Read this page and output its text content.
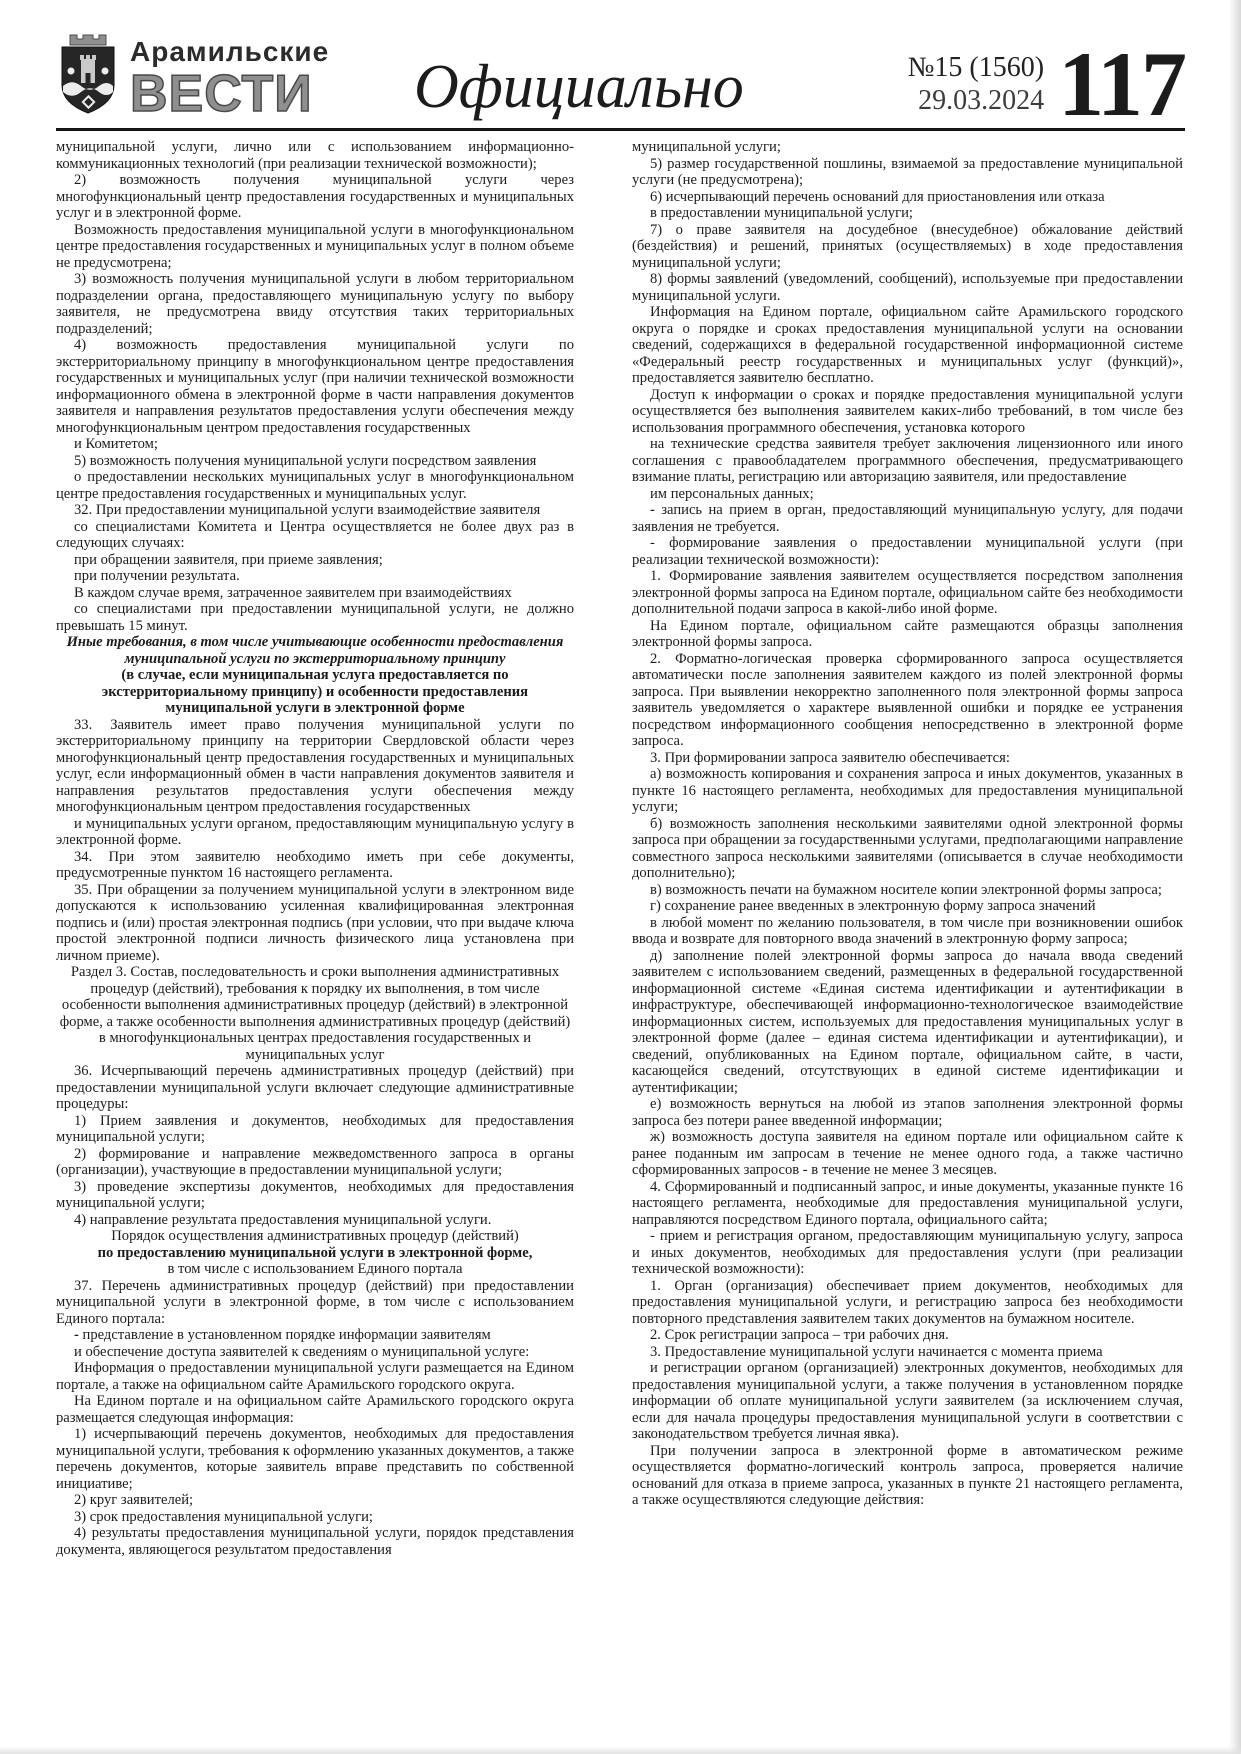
Арамильские
ВЕСТИ	Официально	№15 (1560)
29.03.2024 117

муниципальной услуги, лично или с использованием информационно-коммуникационных технологий (при реализации технической возможности);

2) возможность получения муниципальной услуги через многофункциональный центр предоставления государственных и муниципальных услуг и в электронной форме.

Возможность предоставления муниципальной услуги в многофункциональном центре предоставления государственных и муниципальных услуг в полном объеме не предусмотрена;

3) возможность получения муниципальной услуги в любом территориальном подразделении органа, предоставляющего муниципальную услугу по выбору заявителя, не предусмотрена ввиду отсутствия таких территориальных подразделений;

4) возможность предоставления муниципальной услуги по экстерриториальному принципу в многофункциональном центре предоставления государственных и муниципальных услуг (при наличии технической возможности информационного обмена в электронной форме в части направления документов заявителя и направления результатов предоставления услуги обеспечения между многофункциональным центром предоставления государственных

и Комитетом;

5) возможность получения муниципальной услуги посредством заявления

о предоставлении нескольких муниципальных услуг в многофункциональном центре предоставления государственных и муниципальных услуг.

32. При предоставлении муниципальной услуги взаимодействие заявителя

со специалистами Комитета и Центра осуществляется не более двух раз в следующих случаях:

при обращении заявителя, при приеме заявления;

при получении результата.

В каждом случае время, затраченное заявителем при взаимодействиях

со специалистами при предоставлении муниципальной услуги, не должно превышать 15 минут.

Иные требования, в том числе учитывающие особенности предоставления муниципальной услуги по экстерриториальному принципу

(в случае, если муниципальная услуга предоставляется по экстерриториальному принципу) и особенности предоставления муниципальной услуги в электронной форме

33. Заявитель имеет право получения муниципальной услуги по экстерриториальному принципу на территории Свердловской области через многофункциональный центр предоставления государственных и муниципальных услуг, если информационный обмен в части направления документов заявителя и направления результатов предоставления услуги обеспечения между многофункциональным центром предоставления государственных

и муниципальных услуги органом, предоставляющим муниципальную услугу в электронной форме.

34. При этом заявителю необходимо иметь при себе документы, предусмотренные пунктом 16 настоящего регламента.

35. При обращении за получением муниципальной услуги в электронном виде допускаются к использованию усиленная квалифицированная электронная подпись и (или) простая электронная подпись (при условии, что при выдаче ключа простой электронной подписи личность физического лица установлена при личном приеме).

Раздел 3. Состав, последовательность и сроки выполнения административных процедур (действий), требования к порядку их выполнения, в том числе особенности выполнения административных процедур (действий) в электронной форме, а также особенности выполнения административных процедур (действий) в многофункциональных центрах предоставления государственных и муниципальных услуг

36. Исчерпывающий перечень административных процедур (действий) при предоставлении муниципальной услуги включает следующие административные процедуры:

1) Прием заявления и документов, необходимых для предоставления муниципальной услуги;

2) формирование и направление межведомственного запроса в органы (организации), участвующие в предоставлении муниципальной услуги;

3) проведение экспертизы документов, необходимых для предоставления муниципальной услуги;

4) направление результата предоставления муниципальной услуги.

Порядок осуществления административных процедур (действий)

по предоставлению муниципальной услуги в электронной форме,

в том числе с использованием Единого портала

37. Перечень административных процедур (действий) при предоставлении муниципальной услуги в электронной форме, в том числе с использованием Единого портала:

- представление в установленном порядке информации заявителям

и обеспечение доступа заявителей к сведениям о муниципальной услуге:

Информация о предоставлении муниципальной услуги размещается на Едином портале, а также на официальном сайте Арамильского городского округа.

На Едином портале и на официальном сайте Арамильского городского округа размещается следующая информация:

1) исчерпывающий перечень документов, необходимых для предоставления муниципальной услуги, требования к оформлению указанных документов, а также перечень документов, которые заявитель вправе представить по собственной инициативе;

2) круг заявителей;

3) срок предоставления муниципальной услуги;

4) результаты предоставления муниципальной услуги, порядок представления документа, являющегося результатом предоставления

муниципальной услуги;

5) размер государственной пошлины, взимаемой за предоставление муниципальной услуги (не предусмотрена);

6) исчерпывающий перечень оснований для приостановления или отказа

в предоставлении муниципальной услуги;

7) о праве заявителя на досудебное (внесудебное) обжалование действий (бездействия) и решений, принятых (осуществляемых) в ходе предоставления муниципальной услуги;

8) формы заявлений (уведомлений, сообщений), используемые при предоставлении муниципальной услуги.

Информация на Едином портале, официальном сайте Арамильского городского округа о порядке и сроках предоставления муниципальной услуги на основании сведений, содержащихся в федеральной государственной информационной системе «Федеральный реестр государственных и муниципальных услуг (функций)», предоставляется заявителю бесплатно.

Доступ к информации о сроках и порядке предоставления муниципальной услуги осуществляется без выполнения заявителем каких-либо требований, в том числе без использования программного обеспечения, установка которого

на технические средства заявителя требует заключения лицензионного или иного соглашения с правообладателем программного обеспечения, предусматривающего взимание платы, регистрацию или авторизацию заявителя, или предоставление

им персональных данных;

- запись на прием в орган, предоставляющий муниципальную услугу, для подачи заявления не требуется.

- формирование заявления о предоставлении муниципальной услуги (при реализации технической возможности):

1. Формирование заявления заявителем осуществляется посредством заполнения электронной формы запроса на Едином портале, официальном сайте без необходимости дополнительной подачи запроса в какой-либо иной форме.

На Едином портале, официальном сайте размещаются образцы заполнения электронной формы запроса.

2. Форматно-логическая проверка сформированного запроса осуществляется автоматически после заполнения заявителем каждого из полей электронной формы запроса. При выявлении некорректно заполненного поля электронной формы запроса заявитель уведомляется о характере выявленной ошибки и порядке ее устранения посредством информационного сообщения непосредственно в электронной форме запроса.

3. При формировании запроса заявителю обеспечивается:

а) возможность копирования и сохранения запроса и иных документов, указанных в пункте 16 настоящего регламента, необходимых для предоставления муниципальной услуги;

б) возможность заполнения несколькими заявителями одной электронной формы запроса при обращении за государственными услугами, предполагающими направление совместного запроса несколькими заявителями (описывается в случае необходимости дополнительно);

в) возможность печати на бумажном носителе копии электронной формы запроса;

г) сохранение ранее введенных в электронную форму запроса значений

в любой момент по желанию пользователя, в том числе при возникновении ошибок ввода и возврате для повторного ввода значений в электронную форму запроса;

д) заполнение полей электронной формы запроса до начала ввода сведений заявителем с использованием сведений, размещенных в федеральной государственной информационной системе «Единая система идентификации и аутентификации в инфраструктуре, обеспечивающей информационно-технологическое взаимодействие информационных систем, используемых для предоставления муниципальных услуг в электронной форме (далее – единая система идентификации и аутентификации), и сведений, опубликованных на Едином портале, официальном сайте, в части, касающейся сведений, отсутствующих в единой системе идентификации и аутентификации;

е) возможность вернуться на любой из этапов заполнения электронной формы запроса без потери ранее введенной информации;

ж) возможность доступа заявителя на едином портале или официальном сайте к ранее поданным им запросам в течение не менее одного года, а также частично сформированных запросов - в течение не менее 3 месяцев.

4. Сформированный и подписанный запрос, и иные документы, указанные пункте 16 настоящего регламента, необходимые для предоставления муниципальной услуги, направляются посредством Единого портала, официального сайта;

- прием и регистрация органом, предоставляющим муниципальную услугу, запроса и иных документов, необходимых для предоставления услуги (при реализации технической возможности):

1. Орган (организация) обеспечивает прием документов, необходимых для предоставления муниципальной услуги, и регистрацию запроса без необходимости повторного представления заявителем таких документов на бумажном носителе.

2. Срок регистрации запроса – три рабочих дня.

3. Предоставление муниципальной услуги начинается с момента приема

и регистрации органом (организацией) электронных документов, необходимых для предоставления муниципальной услуги, а также получения в установленном порядке информации об оплате муниципальной услуги заявителем (за исключением случая, если для начала процедуры предоставления муниципальной услуги в соответствии с законодательством требуется личная явка).

При получении запроса в электронной форме в автоматическом режиме осуществляется форматно-логический контроль запроса, проверяется наличие оснований для отказа в приеме запроса, указанных в пункте 21 настоящего регламента, а также осуществляются следующие действия:
